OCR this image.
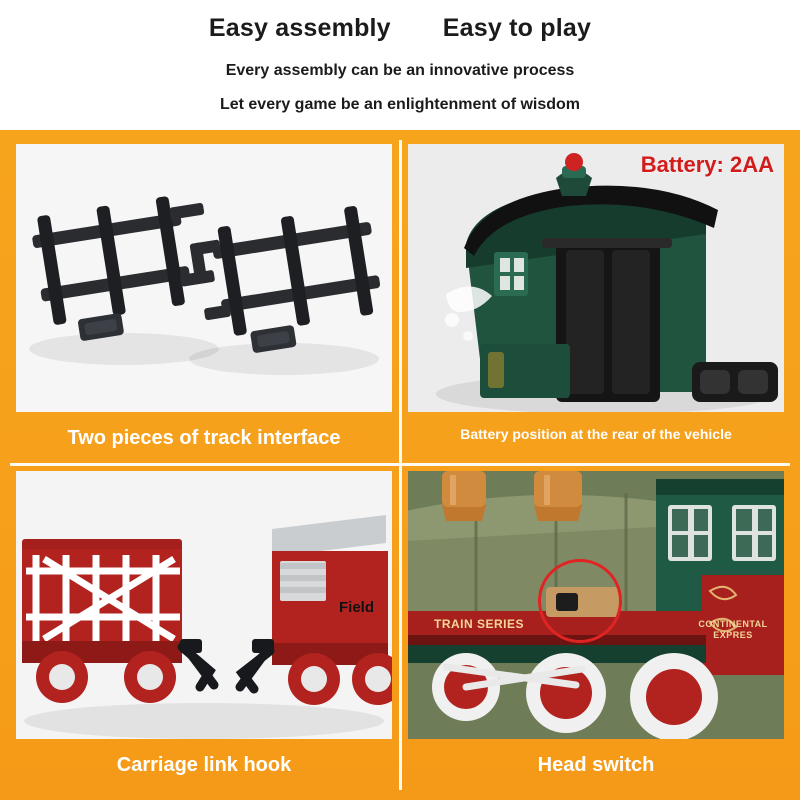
Easy assembly Easy to play
Every assembly can be an innovative process
Let every game be an enlightenment of wisdom
Two pieces of track interface
Battery: 2AA
Battery position at the rear of the vehicle
Field
Carriage link hook
TRAIN SERIES	CONTINENTAL EXPRES
Head switch
